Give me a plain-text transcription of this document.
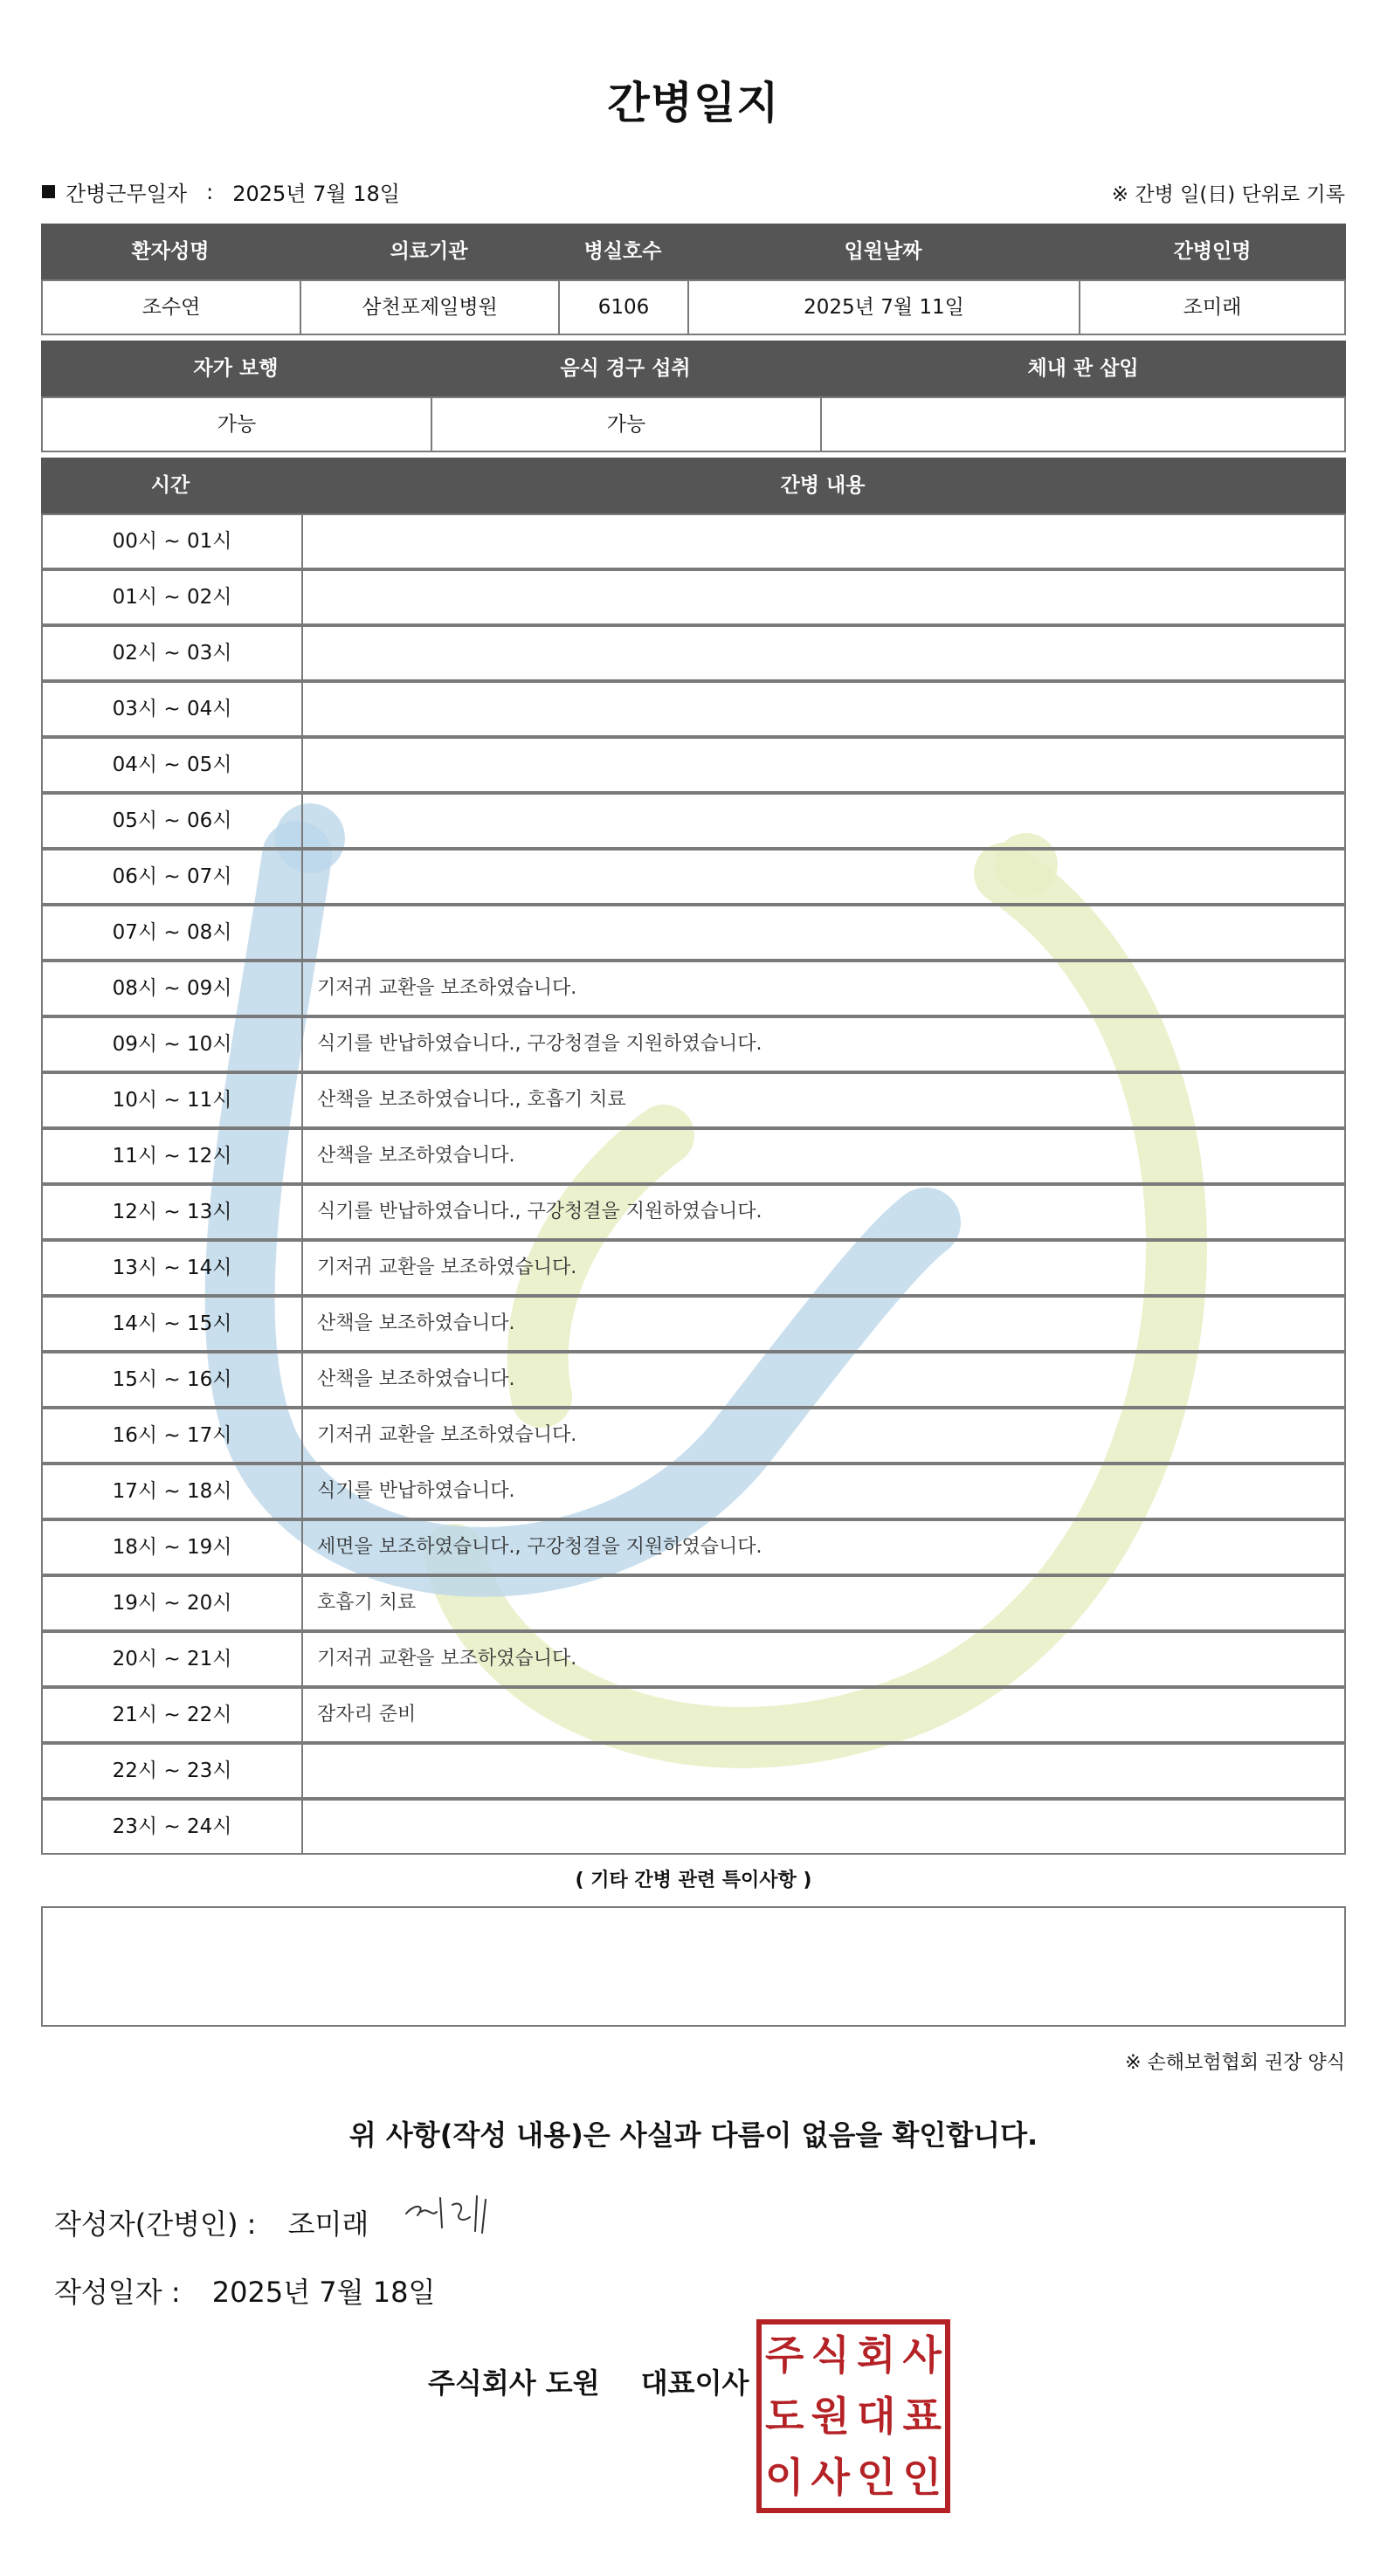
간병일지
간병근무일자 : 2025년 7월 18일	※ 간병 일(日) 단위로 기록
환자성명	의료기관	병실호수	입원날짜	간병인명
조수연	삼천포제일병원	6106	2025년 7월 11일	조미래
자가 보행	음식 경구 섭취	체내 관 삽입
가능	가능
시간	간병 내용
00시 ~ 01시
01시 ~ 02시
02시 ~ 03시
03시 ~ 04시
04시 ~ 05시
05시 ~ 06시
06시 ~ 07시
07시 ~ 08시
08시 ~ 09시	기저귀 교환을 보조하였습니다.
09시 ~ 10시	식기를 반납하였습니다., 구강청결을 지원하였습니다.
10시 ~ 11시	산책을 보조하였습니다., 호흡기 치료
11시 ~ 12시	산책을 보조하였습니다.
12시 ~ 13시	식기를 반납하였습니다., 구강청결을 지원하였습니다.
13시 ~ 14시	기저귀 교환을 보조하였습니다.
14시 ~ 15시	산책을 보조하였습니다.
15시 ~ 16시	산책을 보조하였습니다.
16시 ~ 17시	기저귀 교환을 보조하였습니다.
17시 ~ 18시	식기를 반납하였습니다.
18시 ~ 19시	세면을 보조하였습니다., 구강청결을 지원하였습니다.
19시 ~ 20시	호흡기 치료
20시 ~ 21시	기저귀 교환을 보조하였습니다.
21시 ~ 22시	잠자리 준비
22시 ~ 23시
23시 ~ 24시
( 기타 간병 관련 특이사항 )
※ 손해보험협회 권장 양식
위 사항(작성 내용)은 사실과 다름이 없음을 확인합니다.
작성자(간병인) : 조미래
작성일자 : 2025년 7월 18일
주식회사 도원 대표이사
주 식 회 사
도 원 대 표
이 사 인 인
